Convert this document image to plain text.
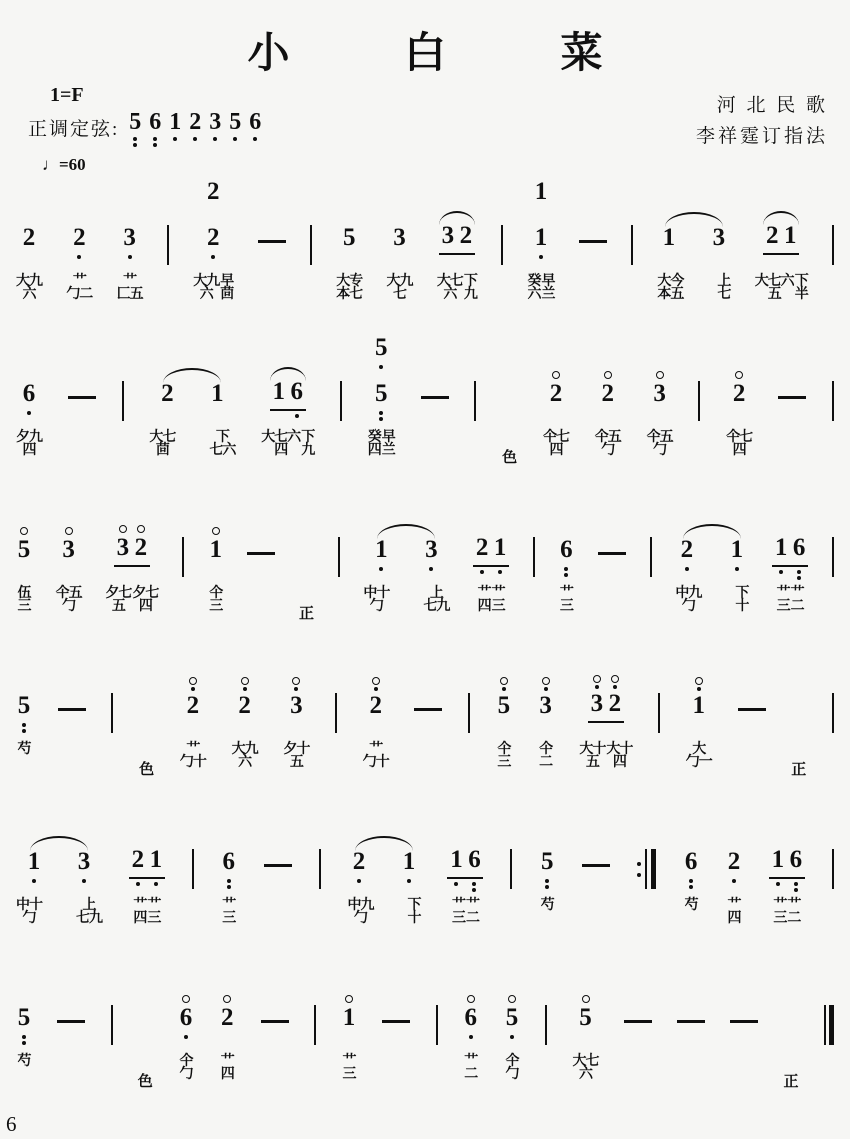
小 白 菜
1=F
正调定弦: 5 6 1 2 3 5 6
♩=60
河 北 民 歌
李祥霆订指法
2
大九
六
2
艹
勹二
3
艹
匚五
2
2
大九
六
早
茴
5
大专
本七
3
大九
七
3 2
大七
六
下
九
1
1
癸
六
早
兰
1 3
大今
本五
上
七
2 1
大七六
五
下
半
6
夕九
四
2 1
大七
茴
下
七六
1 6
大七六
四
下
九
5
5
癸
四
早
兰	色
2
仐七
四
2
仐五
勹
3
仐五
勹
2
仐七
四
5
伍
三
3
仐五
勹
3 2
夕七
五
夕七
四
1
仐
三	正
1 3
中十
勹
上
七九
2 1
艹
四
艹
三
6
艹
三
2 1
中九
勹
下
十
1 6
艹
三
艹
二
5
芍
色
2
艹
勹十
2
大九
六
3
夕十
五
2
艹
勹十
5
仐
三
3
仐
二
3 2
大十
五
大十
四
1
大
勹一	正
1 3
中十
勹
上
七九
2 1
艹
四
艹
三
6
艹
三
2 1
中九
勹
下
十
1 6
艹
三
艹
二
5
芍
6
芍
2
艹
四
1 6
艹
三
艹
二
5
芍
色
6
仐
勹
2
艹
四
1
艹
三
6
艹
二
5
仐
勹
5
大七
六	正
6
